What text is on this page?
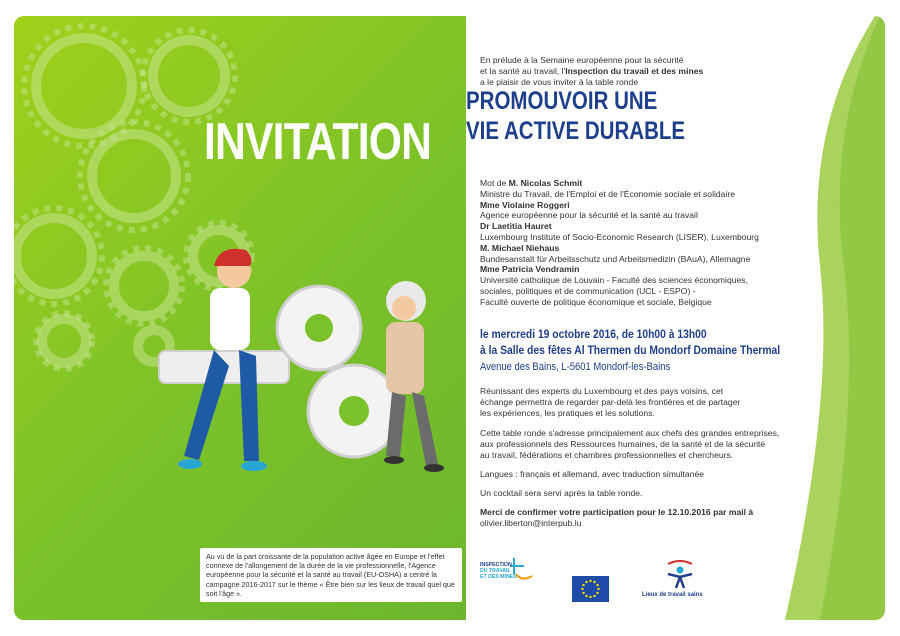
INVITATION
Au vu de la part croissante de la population active âgée en Europe et l'effet connexe de l'allongement de la durée de la vie professionnelle, l'Agence européenne pour la sécurité et la santé au travail (EU-OSHA) a centré la campagne 2016-2017 sur le thème « Être bien sur les lieux de travail quel que soit l'âge ».
En prélude à la Semaine européenne pour la sécurité
et la santé au travail, l'Inspection du travail et des mines
a le plaisir de vous inviter à la table ronde
PROMOUVOIR UNE
VIE ACTIVE DURABLE
Mot de M. Nicolas Schmit
Ministre du Travail, de l'Emploi et de l'Économie sociale et solidaire
Mme Violaine Roggeri
Agence européenne pour la sécurité et la santé au travail
Dr Laetitia Hauret
Luxembourg Institute of Socio-Economic Research (LISER), Luxembourg
M. Michael Niehaus
Bundesanstalt für Arbeitsschutz und Arbeitsmedizin (BAuA), Allemagne
Mme Patricia Vendramin
Université catholique de Louvain - Faculté des sciences économiques,
sociales, politiques et de communication (UCL - ESPO) -
Faculté ouverte de politique économique et sociale, Belgique
le mercredi 19 octobre 2016, de 10h00 à 13h00
à la Salle des fêtes Al Thermen du Mondorf Domaine Thermal
Avenue des Bains, L-5601 Mondorf-les-Bains
Réunissant des experts du Luxembourg et des pays voisins, cet
échange permettra de regarder par-delà les frontières et de partager
les expériences, les pratiques et les solutions.
Cette table ronde s'adresse principalement aux chefs des grandes entreprises,
aux professionnels des Ressources humaines, de la santé et de la sécurité
au travail, fédérations et chambres professionnelles et chercheurs.
Langues : français et allemand, avec traduction simultanée
Un cocktail sera servi après la table ronde.
Merci de confirmer votre participation pour le 12.10.2016 par mail à
olivier.liberton@interpub.lu
INSPECTION
DU TRAVAIL
ET DES MINES
Lieux de travail sains
